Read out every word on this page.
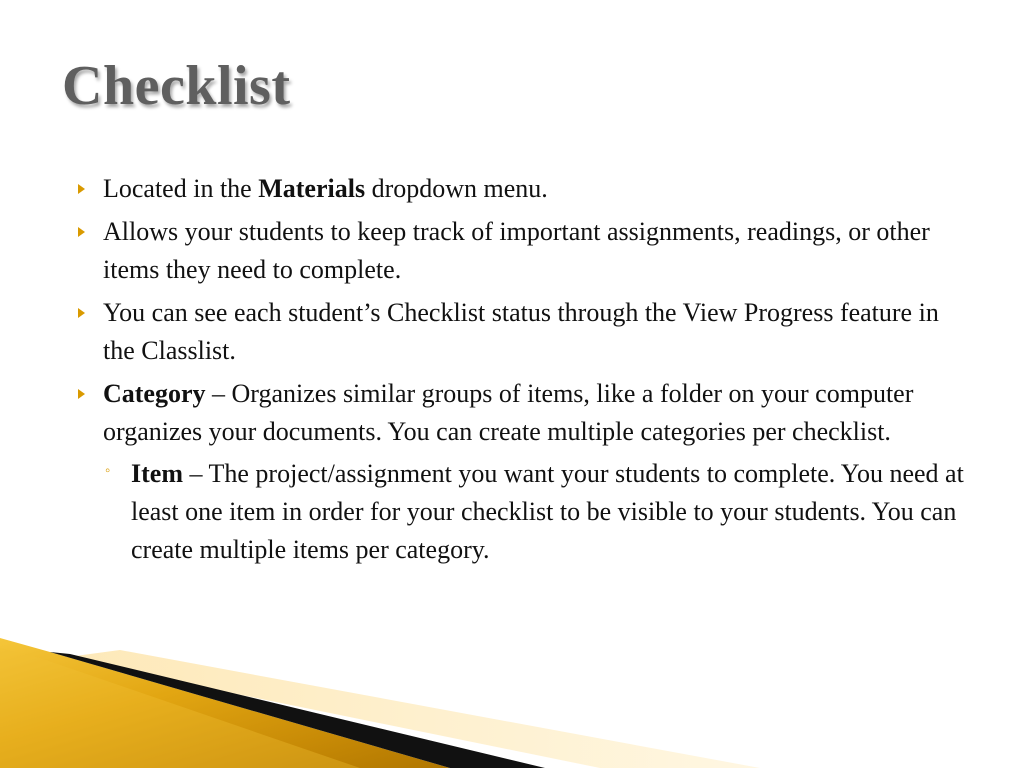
Checklist
Located in the Materials dropdown menu.
Allows your students to keep track of important assignments, readings, or other items they need to complete.
You can see each student’s Checklist status through the View Progress feature in the Classlist.
Category – Organizes similar groups of items, like a folder on your computer organizes your documents. You can create multiple categories per checklist.
◦ Item – The project/assignment you want your students to complete. You need at least one item in order for your checklist to be visible to your students. You can create multiple items per category.
